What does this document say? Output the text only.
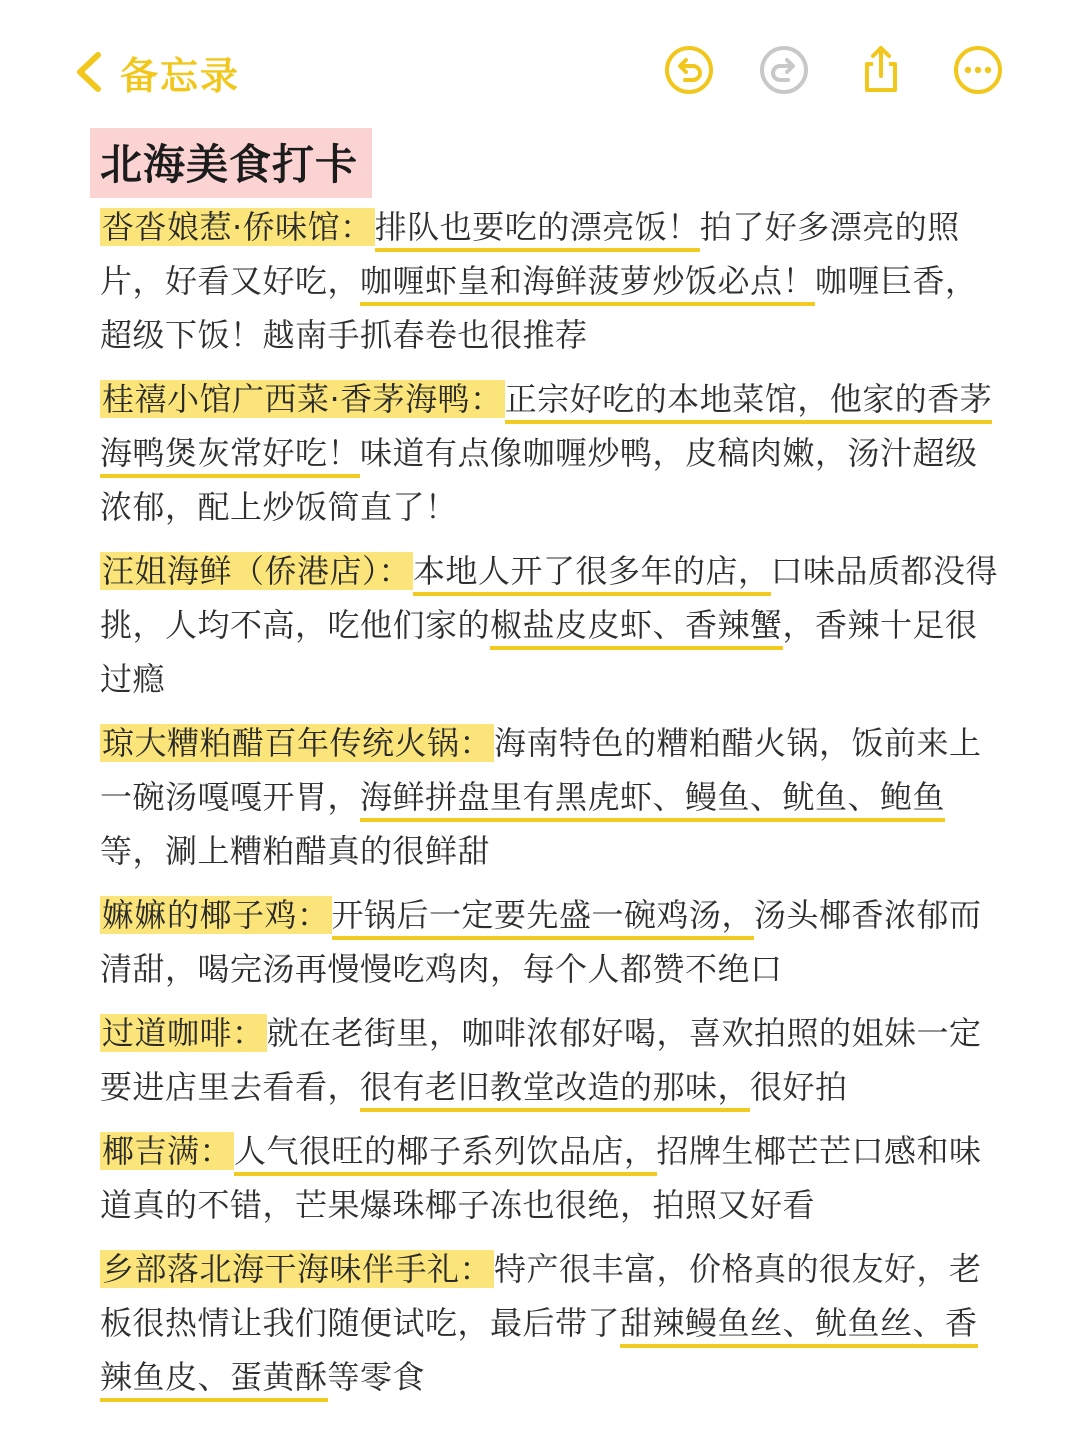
备忘录
北海美食打卡

沓沓娘惹·侨味馆：排队也要吃的漂亮饭！拍了好多漂亮的照片，好看又好吃，咖喱虾皇和海鲜菠萝炒饭必点！咖喱巨香，超级下饭！越南手抓春卷也很推荐

桂禧小馆广西菜·香茅海鸭：正宗好吃的本地菜馆，他家的香茅海鸭煲灰常好吃！味道有点像咖喱炒鸭，皮稿肉嫩，汤汁超级浓郁，配上炒饭简直了！

汪姐海鲜（侨港店）：本地人开了很多年的店，口味品质都没得挑，人均不高，吃他们家的椒盐皮皮虾、香辣蟹，香辣十足很过瘾

琼大糟粕醋百年传统火锅：海南特色的糟粕醋火锅，饭前来上一碗汤嘎嘎开胃，海鲜拼盘里有黑虎虾、鳗鱼、鱿鱼、鲍鱼等，涮上糟粕醋真的很鲜甜

嫲嫲的椰子鸡：开锅后一定要先盛一碗鸡汤，汤头椰香浓郁而清甜，喝完汤再慢慢吃鸡肉，每个人都赞不绝口

过道咖啡：就在老街里，咖啡浓郁好喝，喜欢拍照的姐妹一定要进店里去看看，很有老旧教堂改造的那味，很好拍

椰吉满：人气很旺的椰子系列饮品店，招牌生椰芒芒口感和味道真的不错，芒果爆珠椰子冻也很绝，拍照又好看

乡部落北海干海味伴手礼：特产很丰富，价格真的很友好，老板很热情让我们随便试吃，最后带了甜辣鳗鱼丝、鱿鱼丝、香辣鱼皮、蛋黄酥等零食
